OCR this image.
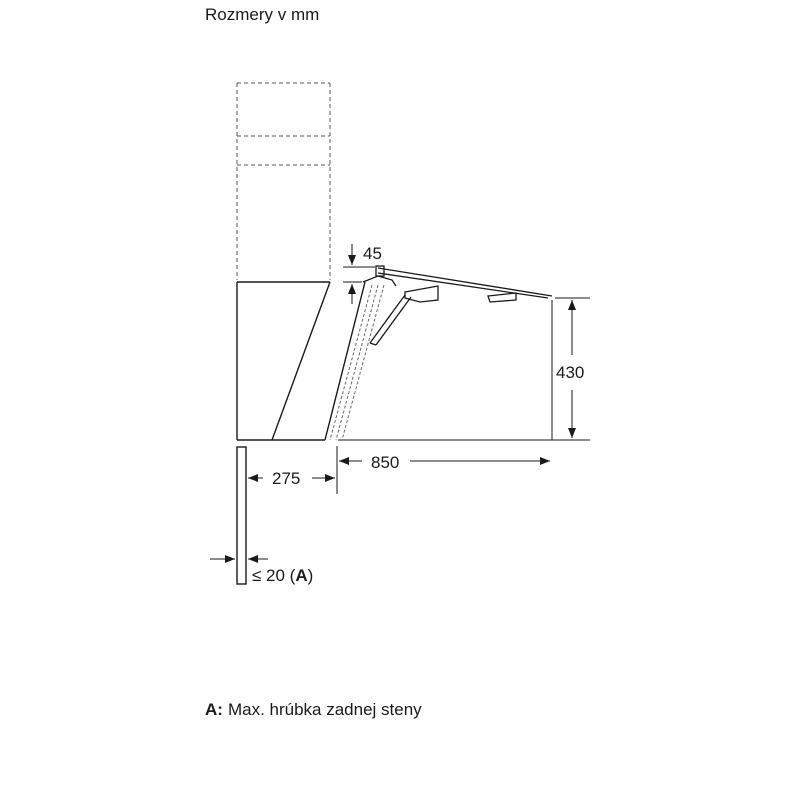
Rozmery v mm
45
430
850
275
≤ 20 (A)
A: Max. hrúbka zadnej steny
